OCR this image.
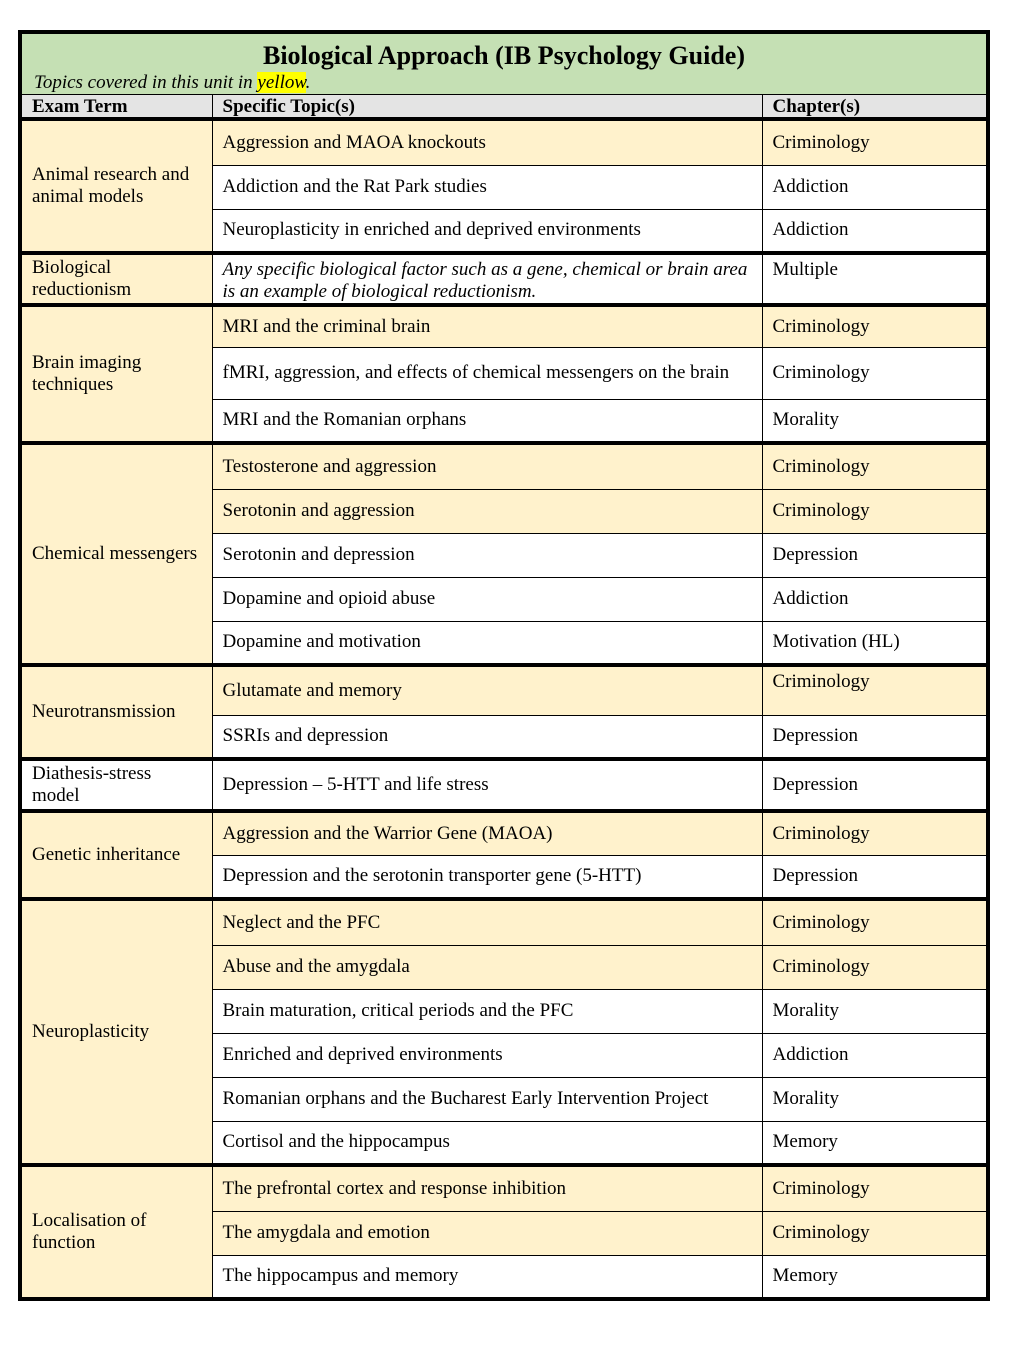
Biological Approach (IB Psychology Guide)
Topics covered in this unit in yellow.		

Exam Term	Specific Topic(s)	Chapter(s)
Animal research and animal models	Aggression and MAOA knockouts	Criminology
	Addiction and the Rat Park studies	Addiction
	Neuroplasticity in enriched and deprived environments	Addiction
Biological reductionism	Any specific biological factor such as a gene, chemical or brain area is an example of biological reductionism.	Multiple
Brain imaging techniques	MRI and the criminal brain	Criminology
	fMRI, aggression, and effects of chemical messengers on the brain	Criminology
	MRI and the Romanian orphans	Morality
Chemical messengers	Testosterone and aggression	Criminology
	Serotonin and aggression	Criminology
	Serotonin and depression	Depression
	Dopamine and opioid abuse	Addiction
	Dopamine and motivation	Motivation (HL)
Neurotransmission	Glutamate and memory	Criminology
	SSRIs and depression	Depression
Diathesis-stress model	Depression – 5-HTT and life stress	Depression
Genetic inheritance	Aggression and the Warrior Gene (MAOA)	Criminology
	Depression and the serotonin transporter gene (5-HTT)	Depression
Neuroplasticity	Neglect and the PFC	Criminology
	Abuse and the amygdala	Criminology
	Brain maturation, critical periods and the PFC	Morality
	Enriched and deprived environments	Addiction
	Romanian orphans and the Bucharest Early Intervention Project	Morality
	Cortisol and the hippocampus	Memory
Localisation of function	The prefrontal cortex and response inhibition	Criminology
	The amygdala and emotion	Criminology
	The hippocampus and memory	Memory
